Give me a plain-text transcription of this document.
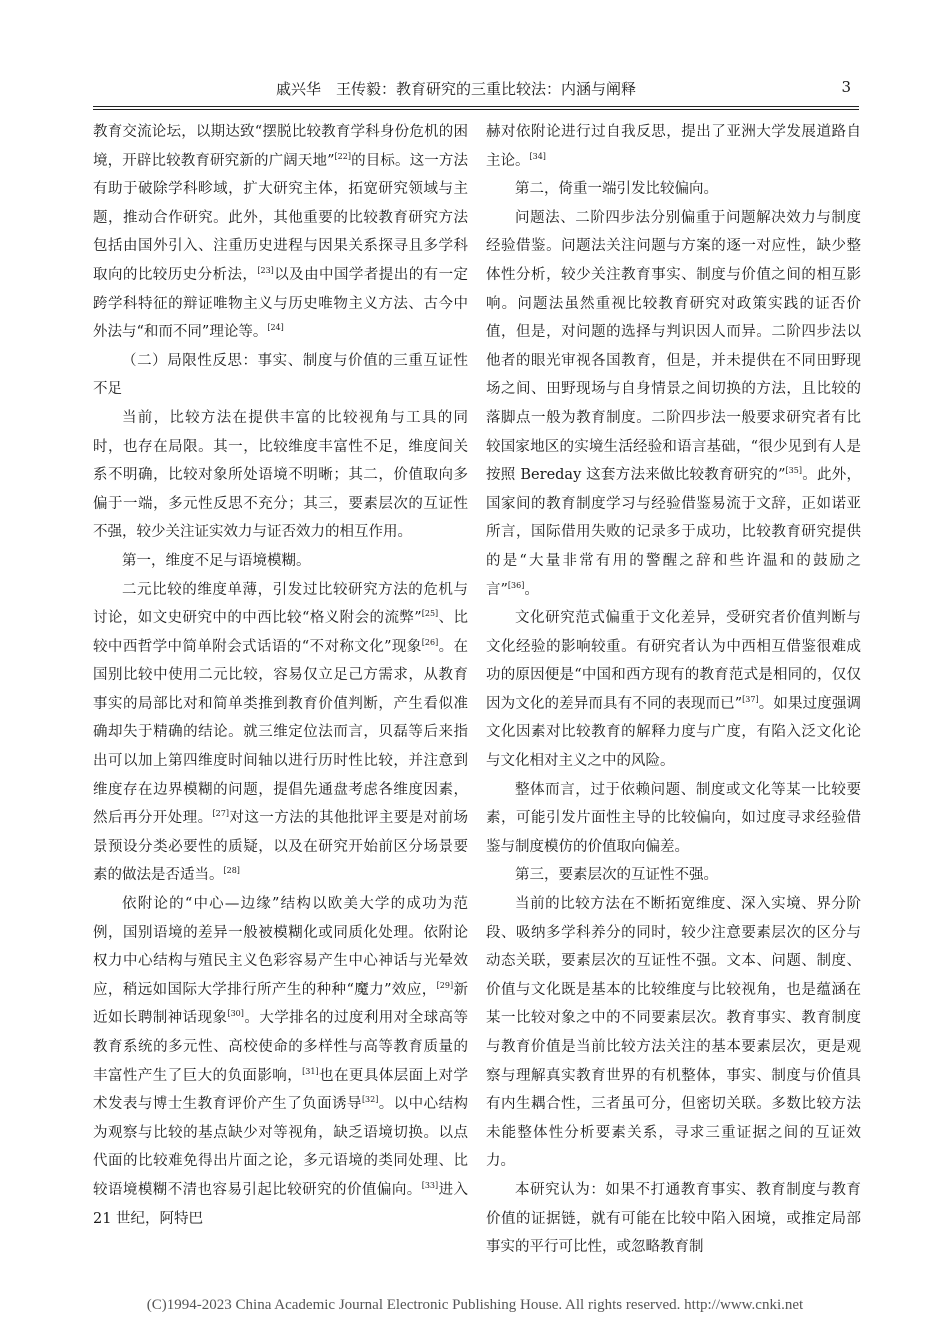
戚兴华　王传毅：教育研究的三重比较法：内涵与阐释	3

教育交流论坛，以期达致“摆脱比较教育学科身份危机的困境，开辟比较教育研究新的广阔天地”[22]的目标。这一方法有助于破除学科畛域，扩大研究主体，拓宽研究领域与主题，推动合作研究。此外，其他重要的比较教育研究方法包括由国外引入、注重历史进程与因果关系探寻且多学科取向的比较历史分析法，[23]以及由中国学者提出的有一定跨学科特征的辩证唯物主义与历史唯物主义方法、古今中外法与“和而不同”理论等。[24]

（二）局限性反思：事实、制度与价值的三重互证性不足

当前，比较方法在提供丰富的比较视角与工具的同时，也存在局限。其一，比较维度丰富性不足，维度间关系不明确，比较对象所处语境不明晰；其二，价值取向多偏于一端，多元性反思不充分；其三，要素层次的互证性不强，较少关注证实效力与证否效力的相互作用。

第一，维度不足与语境模糊。

二元比较的维度单薄，引发过比较研究方法的危机与讨论，如文史研究中的中西比较“格义附会的流弊”[25]、比较中西哲学中简单附会式话语的“不对称文化”现象[26]。在国别比较中使用二元比较，容易仅立足己方需求，从教育事实的局部比对和简单类推到教育价值判断，产生看似准确却失于精确的结论。就三维定位法而言，贝磊等后来指出可以加上第四维度时间轴以进行历时性比较，并注意到维度存在边界模糊的问题，提倡先通盘考虑各维度因素，然后再分开处理。[27]对这一方法的其他批评主要是对前场景预设分类必要性的质疑，以及在研究开始前区分场景要素的做法是否适当。[28]

依附论的“中心—边缘”结构以欧美大学的成功为范例，国别语境的差异一般被模糊化或同质化处理。依附论权力中心结构与殖民主义色彩容易产生中心神话与光晕效应，稍远如国际大学排行所产生的种种“魔力”效应，[29]新近如长聘制神话现象[30]。大学排名的过度利用对全球高等教育系统的多元性、高校使命的多样性与高等教育质量的丰富性产生了巨大的负面影响，[31]也在更具体层面上对学术发表与博士生教育评价产生了负面诱导[32]。以中心结构为观察与比较的基点缺少对等视角，缺乏语境切换。以点代面的比较难免得出片面之论，多元语境的类同处理、比较语境模糊不清也容易引起比较研究的价值偏向。[33]进入 21 世纪，阿特巴

赫对依附论进行过自我反思，提出了亚洲大学发展道路自主论。[34]

第二，倚重一端引发比较偏向。

问题法、二阶四步法分别偏重于问题解决效力与制度经验借鉴。问题法关注问题与方案的逐一对应性，缺少整体性分析，较少关注教育事实、制度与价值之间的相互影响。问题法虽然重视比较教育研究对政策实践的证否价值，但是，对问题的选择与判识因人而异。二阶四步法以他者的眼光审视各国教育，但是，并未提供在不同田野现场之间、田野现场与自身情景之间切换的方法，且比较的落脚点一般为教育制度。二阶四步法一般要求研究者有比较国家地区的实境生活经验和语言基础，“很少见到有人是按照 Bereday 这套方法来做比较教育研究的”[35]。此外，国家间的教育制度学习与经验借鉴易流于文辞，正如诺亚所言，国际借用失败的记录多于成功，比较教育研究提供的是“大量非常有用的警醒之辞和些许温和的鼓励之言”[36]。

文化研究范式偏重于文化差异，受研究者价值判断与文化经验的影响较重。有研究者认为中西相互借鉴很难成功的原因便是“中国和西方现有的教育范式是相同的，仅仅因为文化的差异而具有不同的表现而已”[37]。如果过度强调文化因素对比较教育的解释力度与广度，有陷入泛文化论与文化相对主义之中的风险。

整体而言，过于依赖问题、制度或文化等某一比较要素，可能引发片面性主导的比较偏向，如过度寻求经验借鉴与制度模仿的价值取向偏差。

第三，要素层次的互证性不强。

当前的比较方法在不断拓宽维度、深入实境、界分阶段、吸纳多学科养分的同时，较少注意要素层次的区分与动态关联，要素层次的互证性不强。文本、问题、制度、价值与文化既是基本的比较维度与比较视角，也是蕴涵在某一比较对象之中的不同要素层次。教育事实、教育制度与教育价值是当前比较方法关注的基本要素层次，更是观察与理解真实教育世界的有机整体，事实、制度与价值具有内生耦合性，三者虽可分，但密切关联。多数比较方法未能整体性分析要素关系，寻求三重证据之间的互证效力。

本研究认为：如果不打通教育事实、教育制度与教育价值的证据链，就有可能在比较中陷入困境，或推定局部事实的平行可比性，或忽略教育制

(C)1994-2023 China Academic Journal Electronic Publishing House. All rights reserved. http://www.cnki.net
